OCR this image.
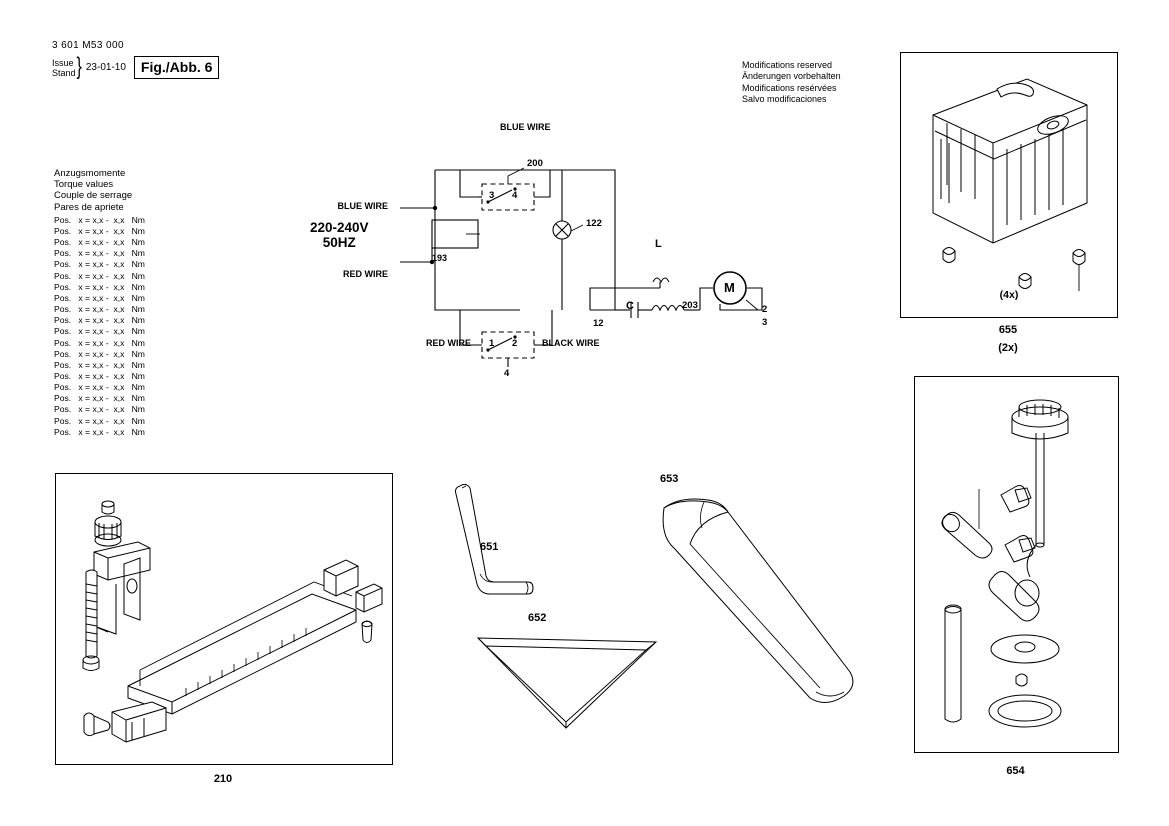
3 601 M53 000
Issue
Stand } 23-01-10	Fig./Abb. 6
Anzugsmomente
Torque values
Couple de serrage
Pares de apriete
Pos.   x = x,x -  x,x   Nm
Pos.   x = x,x -  x,x   Nm
Pos.   x = x,x -  x,x   Nm
Pos.   x = x,x -  x,x   Nm
Pos.   x = x,x -  x,x   Nm
Pos.   x = x,x -  x,x   Nm
Pos.   x = x,x -  x,x   Nm
Pos.   x = x,x -  x,x   Nm
Pos.   x = x,x -  x,x   Nm
Pos.   x = x,x -  x,x   Nm
Pos.   x = x,x -  x,x   Nm
Pos.   x = x,x -  x,x   Nm
Pos.   x = x,x -  x,x   Nm
Pos.   x = x,x -  x,x   Nm
Pos.   x = x,x -  x,x   Nm
Pos.   x = x,x -  x,x   Nm
Pos.   x = x,x -  x,x   Nm
Pos.   x = x,x -  x,x   Nm
Pos.   x = x,x -  x,x   Nm
Pos.   x = x,x -  x,x   Nm
Modifications reserved
Änderungen vorbehalten
Modifications resérvées
Salvo modificaciones
BLUE WIRE
BLUE WIRE
RED WIRE
220-240V
50HZ
193
200
3 4
122
1 2
4
RED WIRE	BLACK WIRE
12
C
L
203
M
2
3
(4x)
655
(2x)
654
210
651
652
653
